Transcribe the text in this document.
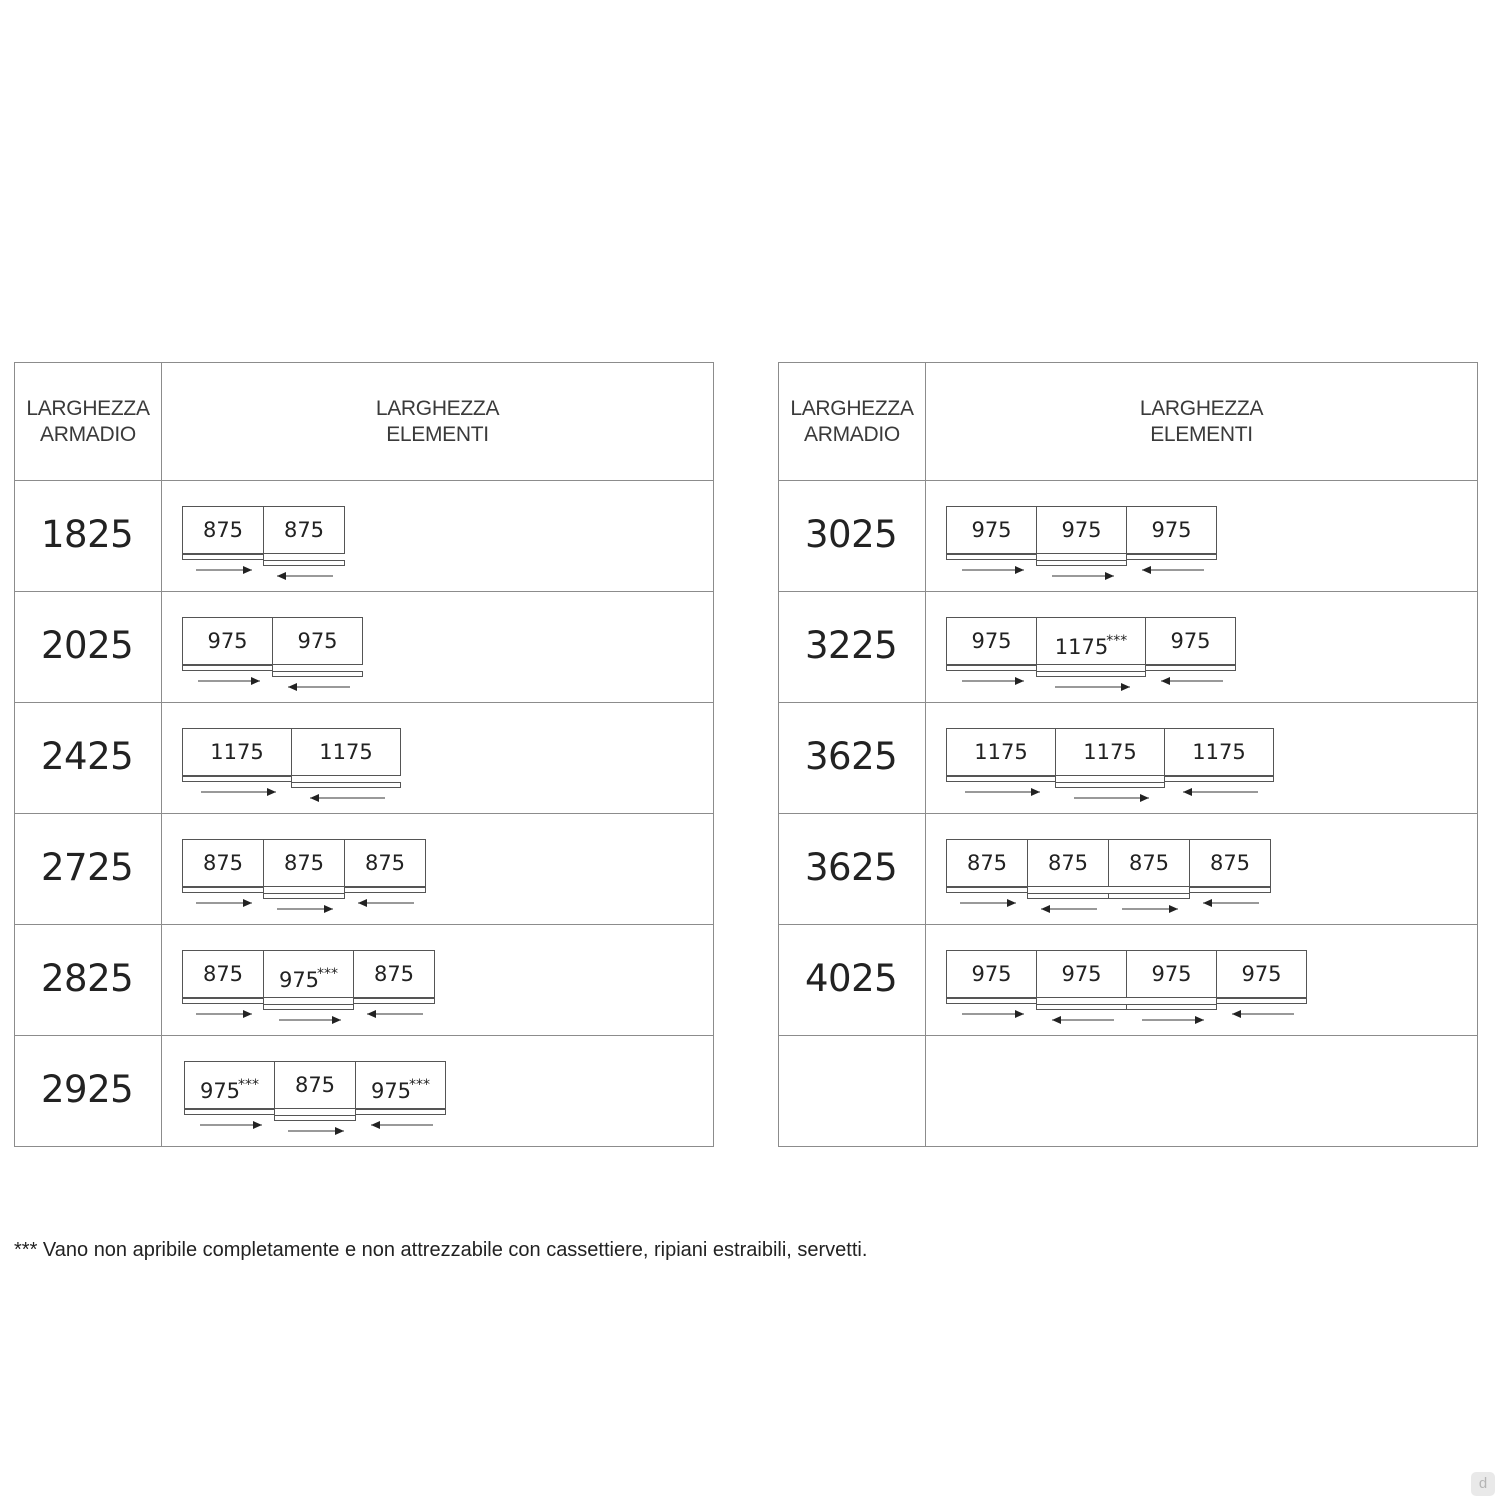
LARGHEZZA
ARMADIO
LARGHEZZA
ELEMENTI
1825	875	875
2025	975	975
2425	1175	1175
2725	875	875	875
2825	875	975***	875
2925	975***	875	975***
LARGHEZZA
ARMADIO
LARGHEZZA
ELEMENTI
3025	975	975	975
3225	975	1175***	975
3625	1175	1175	1175
3625	875	875	875	875
4025	975	975	975	975
*** Vano non apribile completamente e non attrezzabile con cassettiere, ripiani estraibili, servetti.
d
